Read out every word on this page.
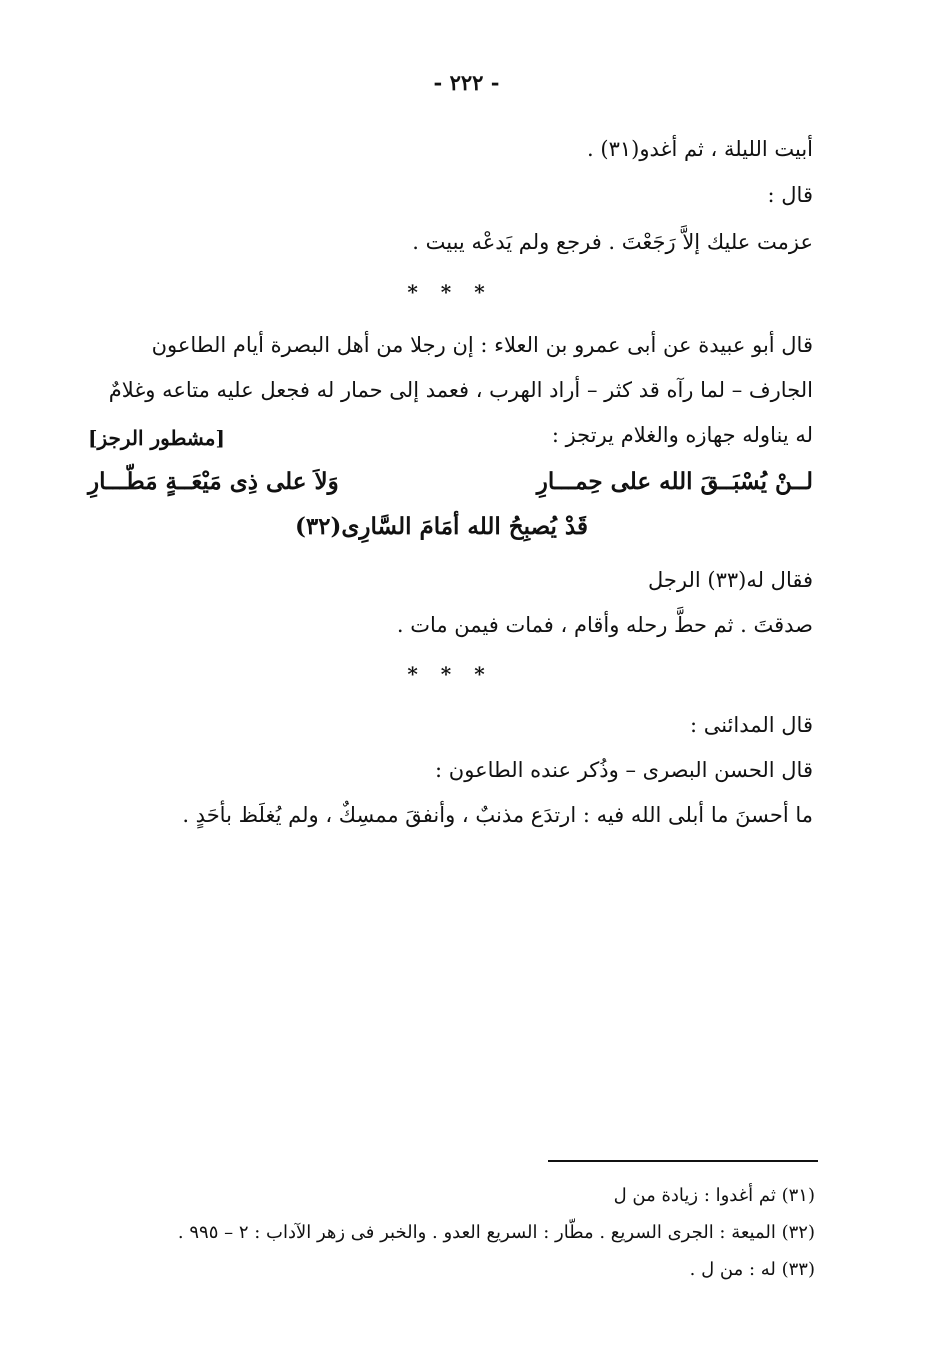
- ٢٢٢ -
أبيت الليلة ، ثم أغدو(٣١) .
قال :
عزمت عليك إلاَّ رَجَعْتَ . فرجع ولم يَدعْه يبيت .
* * *
قال أبو عبيدة عن أبى عمرو بن العلاء : إن رجلا من أهل البصرة أيام الطاعون
الجارف – لما رآه قد كثر – أراد الهرب ، فعمد إلى حمار له فجعل عليه متاعه وغلامٌ
له يناوله جهازه والغلام يرتجز :
[مشطور الرجز]
لــنْ يُسْبَــقَ الله على حِمـــارِ
وَلاَ على ذِى مَيْعَــةٍ مَطّـــارِ
قَدْ يُصبِحُ الله أمَامَ السَّارِى(٣٢)
فقال له(٣٣) الرجل
صدقتَ . ثم حطَّ رحله وأقام ، فمات فيمن مات .
* * *
قال المدائنى :
قال الحسن البصرى – وذُكر عنده الطاعون :
ما أحسنَ ما أبلى الله فيه : ارتدَع مذنبٌ ، وأنفقَ ممسِكٌ ، ولم يُغلَظ بأحَدٍ .
(٣١) ثم أغدوا : زيادة من ل
(٣٢) الميعة : الجرى السريع . مطّار : السريع العدو . والخبر فى زهر الآداب : ٢ – ٩٩٥ .
(٣٣) له : من ل .
